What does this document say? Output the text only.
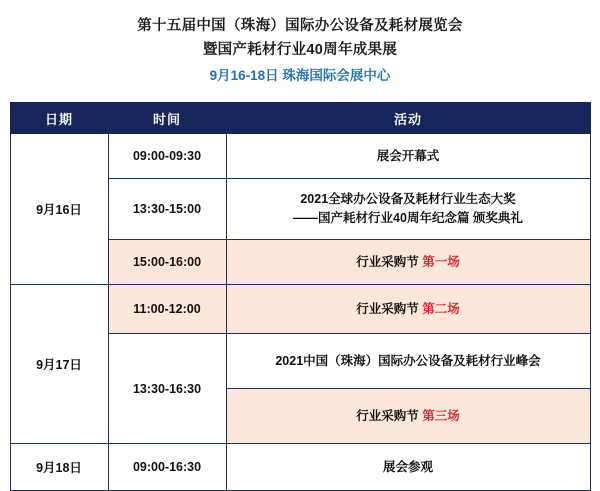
第十五届中国（珠海）国际办公设备及耗材展览会
暨国产耗材行业40周年成果展
9月16-18日 珠海国际会展中心
日期	时间	活动
9月16日	09:00-09:30	展会开幕式
	13:30-15:00	2021全球办公设备及耗材行业生态大奖
——国产耗材行业40周年纪念篇 颁奖典礼

	15:00-16:00	行业采购节 第一场
9月17日	11:00-12:00	行业采购节 第二场
	13:30-16:30	2021中国（珠海）国际办公设备及耗材行业峰会
		行业采购节 第三场
9月18日	09:00-16:30	展会参观
